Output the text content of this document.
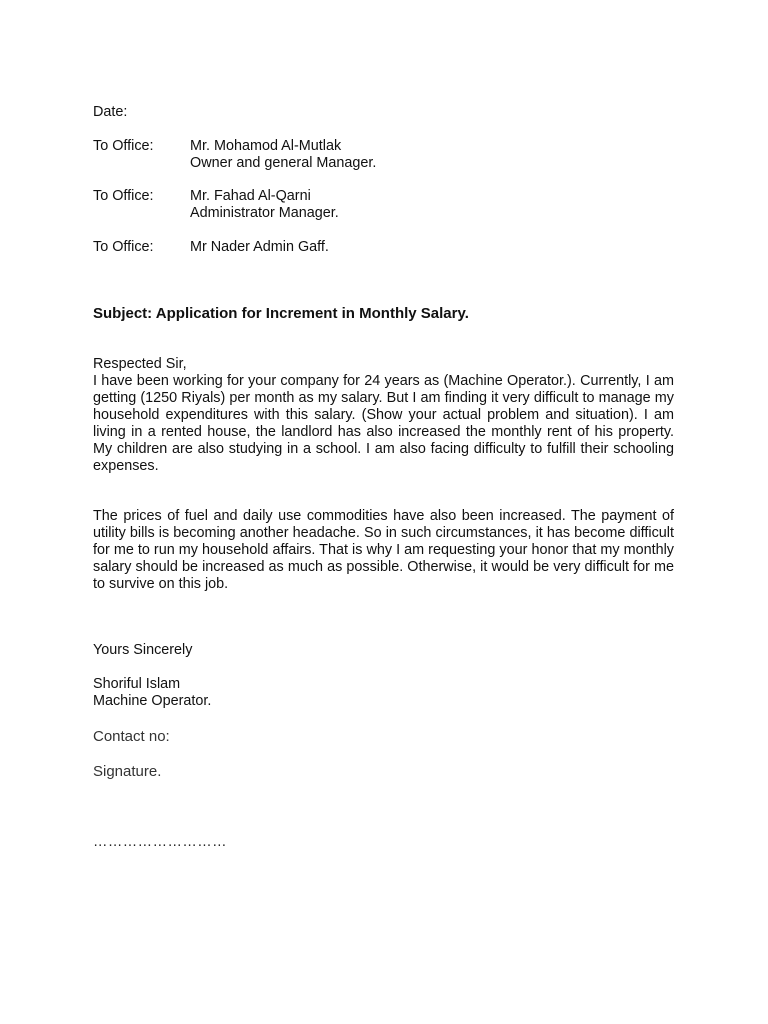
Date:
To Office:	Mr. Mohamod Al-Mutlak
Owner and general Manager.
To Office:	Mr. Fahad Al-Qarni
Administrator Manager.
To Office:	Mr Nader Admin Gaff.
Subject: Application for Increment in Monthly Salary.
Respected Sir,
I have been working for your company for 24 years as (Machine Operator.). Currently, I am getting (1250 Riyals) per month as my salary. But I am finding it very difficult to manage my household expenditures with this salary. (Show your actual problem and situation). I am living in a rented house, the landlord has also increased the monthly rent of his property. My children are also studying in a school. I am also facing difficulty to fulfill their schooling expenses.
The prices of fuel and daily use commodities have also been increased. The payment of utility bills is becoming another headache. So in such circumstances, it has become difficult for me to run my household affairs. That is why I am requesting your honor that my monthly salary should be increased as much as possible. Otherwise, it would be very difficult for me to survive on this job.
Yours Sincerely
Shoriful Islam
Machine Operator.
Contact no:
Signature.
………………………
